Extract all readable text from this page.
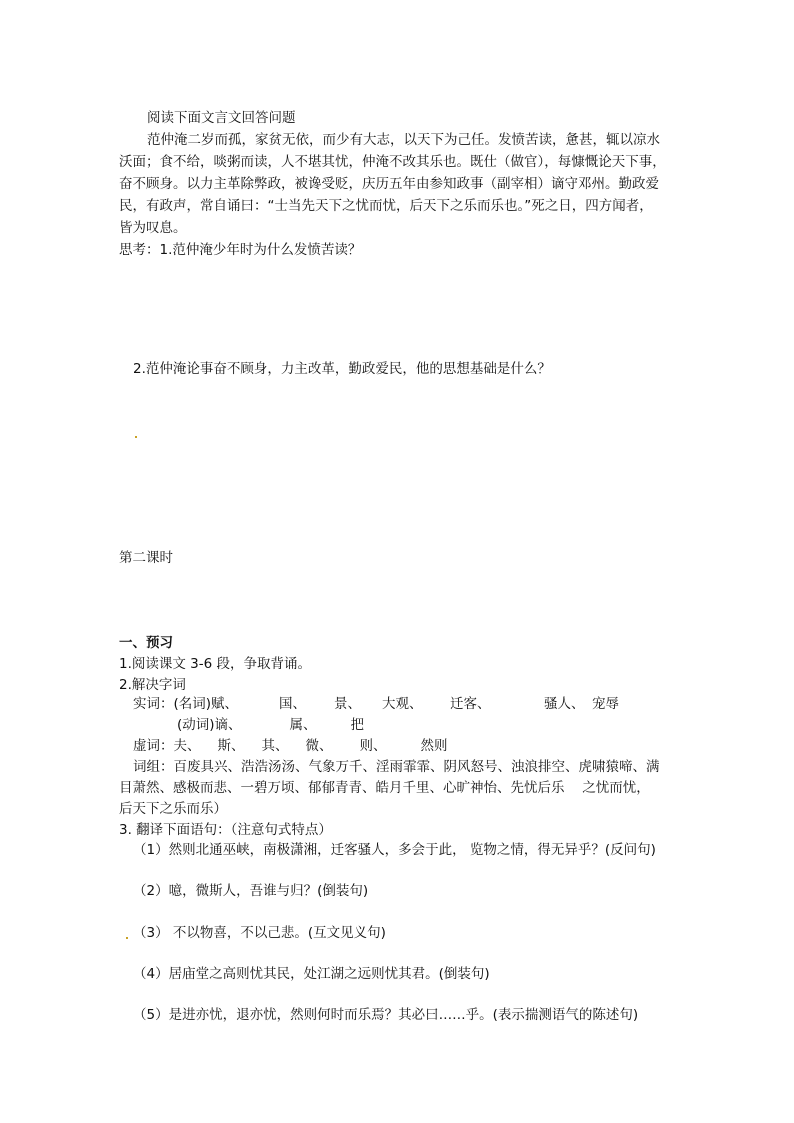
阅读下面文言文回答问题
范仲淹二岁而孤，家贫无依，而少有大志，以天下为己任。发愤苦读，惫甚，辄以凉水
沃面；食不给，啖粥而读，人不堪其忧，仲淹不改其乐也。既仕（做官），每慷慨论天下事，
奋不顾身。以力主革除弊政，被谗受贬，庆历五年由参知政事（副宰相）谪守邓州。勤政爱
民，有政声，常自诵曰：“士当先天下之忧而忧，后天下之乐而乐也。”死之日，四方闻者，
皆为叹息。
思考：1.范仲淹少年时为什么发愤苦读？
2.范仲淹论事奋不顾身，力主改革，勤政爱民，他的思想基础是什么？
第二课时
一、预习
1.阅读课文 3-6 段，争取背诵。
2.解决字词
实词：(名词)赋、	国、 景、 大观、 迁客、	骚人、 宠辱
(动词)谪、	属、	把
虚词：夫、 斯、 其、 微、 则、	然则
词组：百废具兴、浩浩汤汤、气象万千、淫雨霏霏、阴风怒号、浊浪排空、虎啸猿啼、满
目萧然、感极而悲、一碧万顷、郁郁青青、皓月千里、心旷神怡、先忧后乐　 之忧而忧，
后天下之乐而乐）
3. 翻译下面语句：（注意句式特点）
（1）然则北通巫峡，南极潇湘，迁客骚人，多会于此， 览物之情，得无异乎？(反问句)
（2）噫，微斯人，吾谁与归？(倒装句)
（3） 不以物喜，不以己悲。(互文见义句)
（4）居庙堂之高则忧其民，处江湖之远则忧其君。(倒装句)
（5）是进亦忧，退亦忧，然则何时而乐焉？其必曰……乎。(表示揣测语气的陈述句)
